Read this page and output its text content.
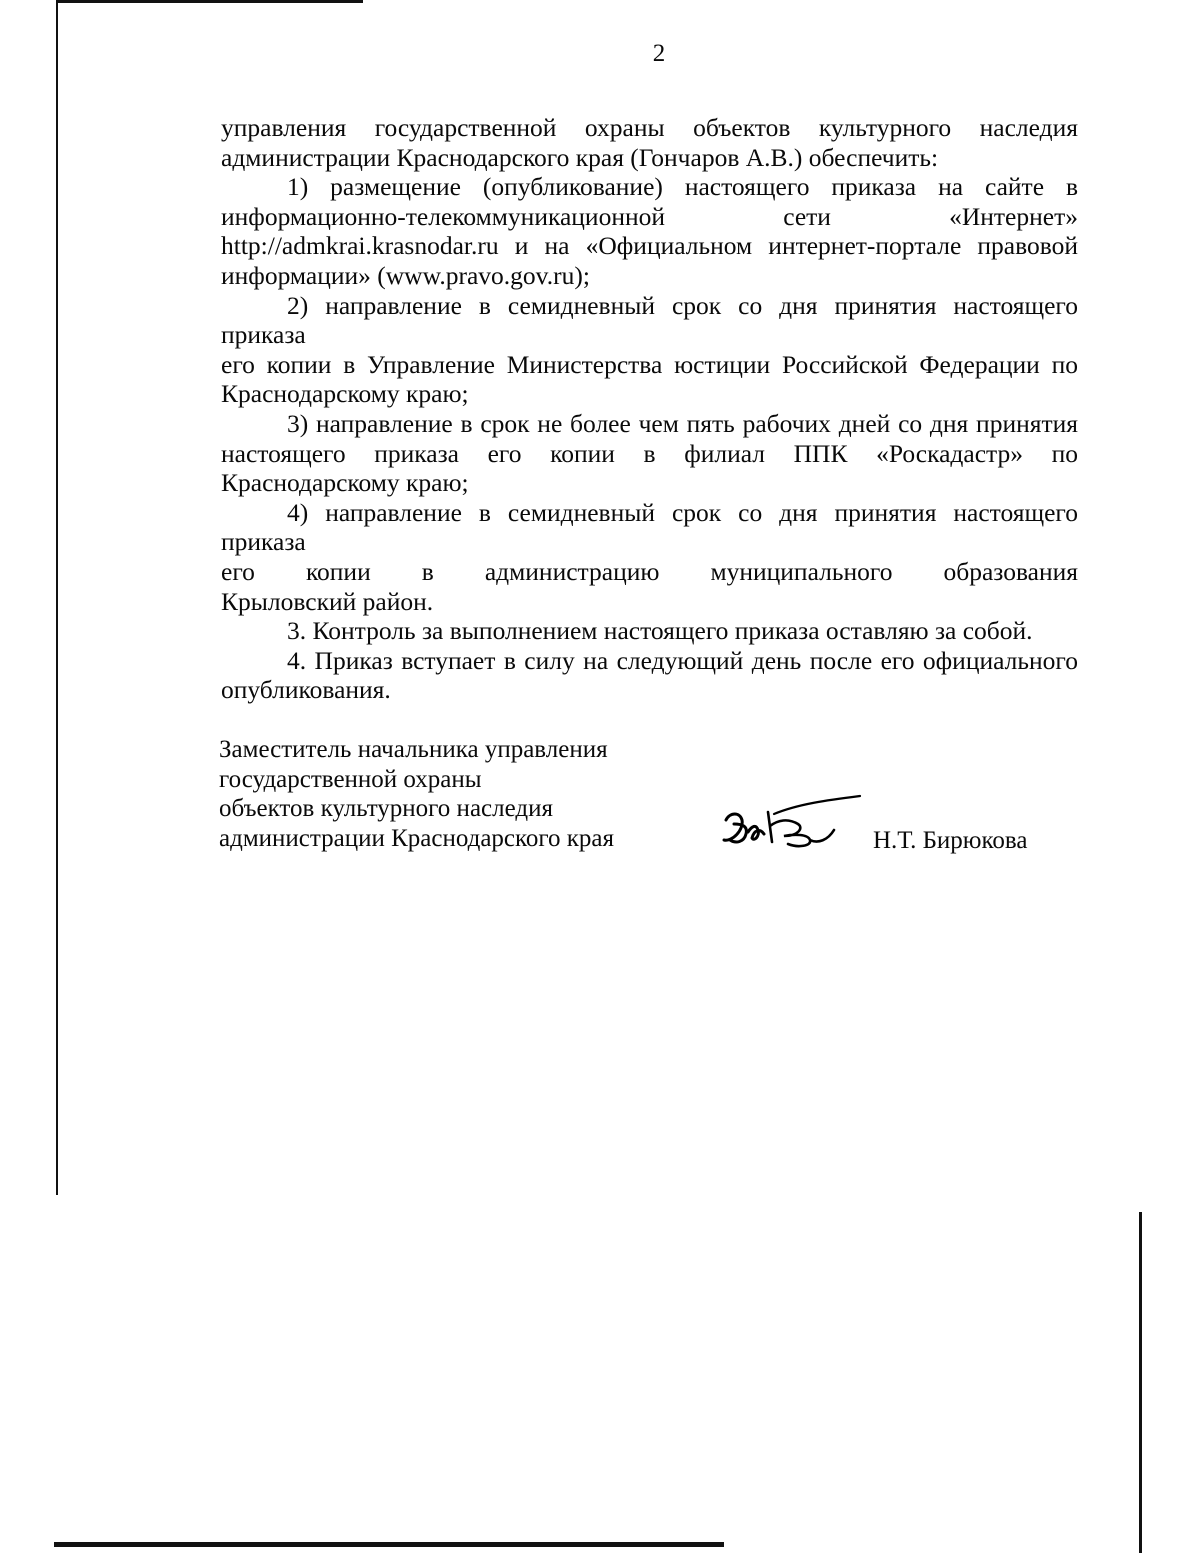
2

управления государственной охраны объектов культурного наследия
администрации Краснодарского края (Гончаров А.В.) обеспечить:

1) размещение (опубликование) настоящего приказа на сайте в
информационно-телекоммуникационной сети «Интернет»
http://admkrai.krasnodar.ru и на «Официальном интернет-портале правовой
информации» (www.pravo.gov.ru);

2) направление в семидневный срок со дня принятия настоящего приказа
его копии в Управление Министерства юстиции Российской Федерации по
Краснодарскому краю;

3) направление в срок не более чем пять рабочих дней со дня принятия
настоящего приказа его копии в филиал ППК «Роскадастр» по
Краснодарскому краю;

4) направление в семидневный срок со дня принятия настоящего приказа
его копии в администрацию муниципального образования
Крыловский район.

3. Контроль за выполнением настоящего приказа оставляю за собой.

4. Приказ вступает в силу на следующий день после его официального
опубликования.

Заместитель начальника управления
государственной охраны
объектов культурного наследия
администрации Краснодарского края	Н.Т. Бирюкова
